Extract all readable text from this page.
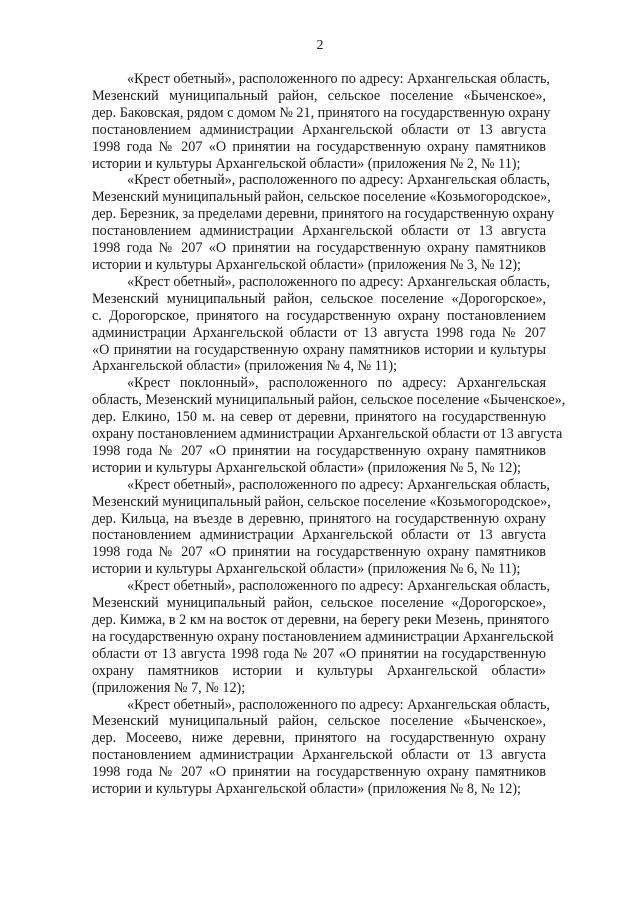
2
«Крест обетный», расположенного по адресу: Архангельская область,
Мезенский муниципальный район, сельское поселение «Быченское»,
дер. Баковская, рядом с домом № 21, принятого на государственную охрану
постановлением администрации Архангельской области от 13 августа
1998 года № 207 «О принятии на государственную охрану памятников
истории и культуры Архангельской области» (приложения № 2, № 11);
«Крест обетный», расположенного по адресу: Архангельская область,
Мезенский муниципальный район, сельское поселение «Козьмогородское»,
дер. Березник, за пределами деревни, принятого на государственную охрану
постановлением администрации Архангельской области от 13 августа
1998 года № 207 «О принятии на государственную охрану памятников
истории и культуры Архангельской области» (приложения № 3, № 12);
«Крест обетный», расположенного по адресу: Архангельская область,
Мезенский муниципальный район, сельское поселение «Дорогорское»,
с. Дорогорское, принятого на государственную охрану постановлением
администрации Архангельской области от 13 августа 1998 года № 207
«О принятии на государственную охрану памятников истории и культуры
Архангельской области» (приложения № 4, № 11);
«Крест поклонный», расположенного по адресу: Архангельская
область, Мезенский муниципальный район, сельское поселение «Быченское»,
дер. Елкино, 150 м. на север от деревни, принятого на государственную
охрану постановлением администрации Архангельской области от 13 августа
1998 года № 207 «О принятии на государственную охрану памятников
истории и культуры Архангельской области» (приложения № 5, № 12);
«Крест обетный», расположенного по адресу: Архангельская область,
Мезенский муниципальный район, сельское поселение «Козьмогородское»,
дер. Кильца, на въезде в деревню, принятого на государственную охрану
постановлением администрации Архангельской области от 13 августа
1998 года № 207 «О принятии на государственную охрану памятников
истории и культуры Архангельской области» (приложения № 6, № 11);
«Крест обетный», расположенного по адресу: Архангельская область,
Мезенский муниципальный район, сельское поселение «Дорогорское»,
дер. Кимжа, в 2 км на восток от деревни, на берегу реки Мезень, принятого
на государственную охрану постановлением администрации Архангельской
области от 13 августа 1998 года № 207 «О принятии на государственную
охрану памятников истории и культуры Архангельской области»
(приложения № 7, № 12);
«Крест обетный», расположенного по адресу: Архангельская область,
Мезенский муниципальный район, сельское поселение «Быченское»,
дер. Мосеево, ниже деревни, принятого на государственную охрану
постановлением администрации Архангельской области от 13 августа
1998 года № 207 «О принятии на государственную охрану памятников
истории и культуры Архангельской области» (приложения № 8, № 12);
